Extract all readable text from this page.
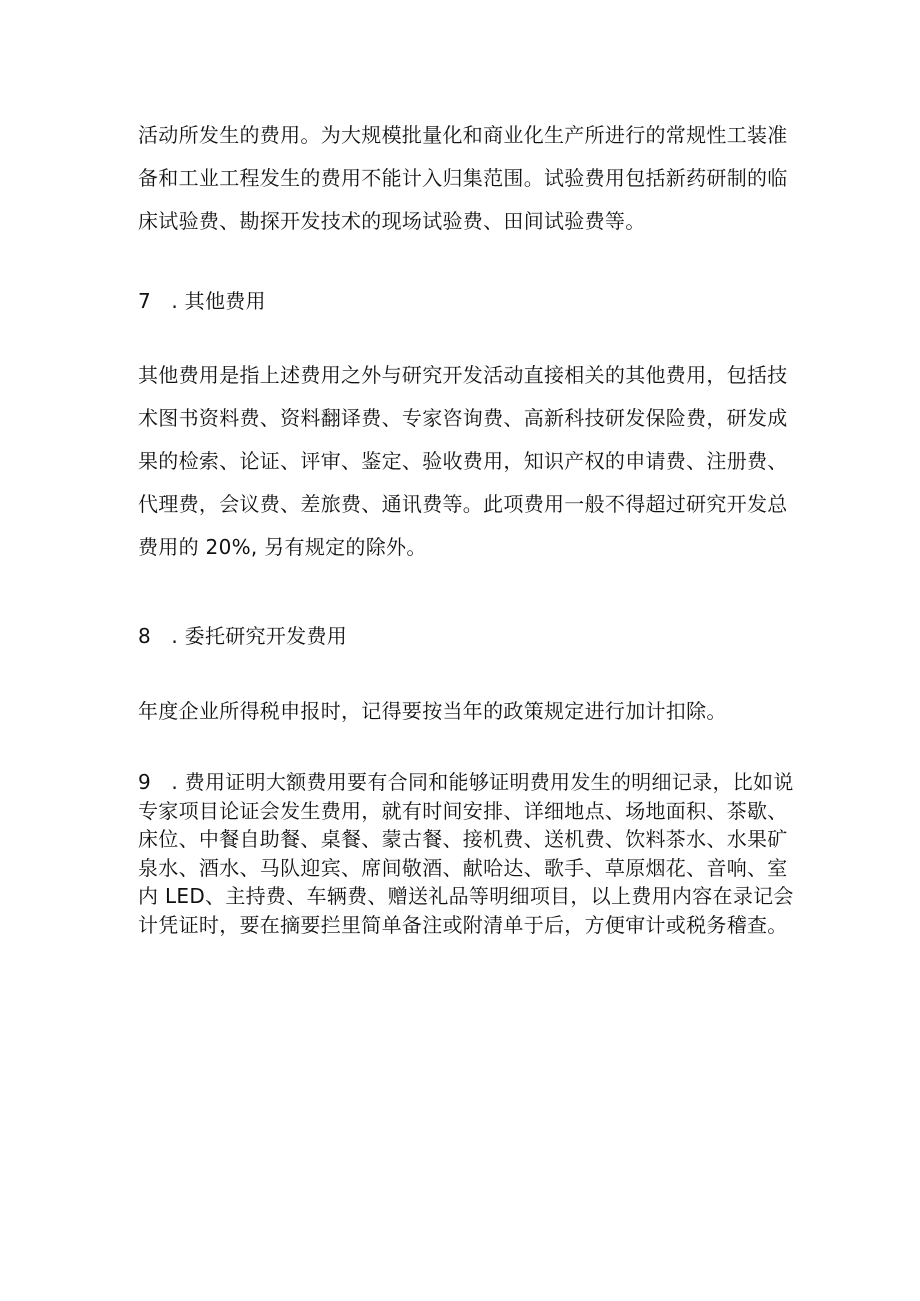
活动所发生的费用。为大规模批量化和商业化生产所进行的常规性工装准
备和工业工程发生的费用不能计入归集范围。试验费用包括新药研制的临
床试验费、勘探开发技术的现场试验费、田间试验费等。

7　. 其他费用

其他费用是指上述费用之外与研究开发活动直接相关的其他费用，包括技
术图书资料费、资料翻译费、专家咨询费、高新科技研发保险费，研发成
果的检索、论证、评审、鉴定、验收费用，知识产权的申请费、注册费、
代理费，会议费、差旅费、通讯费等。此项费用一般不得超过研究开发总
费用的 20%, 另有规定的除外。

8　. 委托研究开发费用

年度企业所得税申报时，记得要按当年的政策规定进行加计扣除。

9　. 费用证明大额费用要有合同和能够证明费用发生的明细记录，比如说
专家项目论证会发生费用，就有时间安排、详细地点、场地面积、茶歇、
床位、中餐自助餐、桌餐、蒙古餐、接机费、送机费、饮料茶水、水果矿
泉水、酒水、马队迎宾、席间敬酒、献哈达、歌手、草原烟花、音响、室
内 LED、主持费、车辆费、赠送礼品等明细项目，以上费用内容在录记会
计凭证时，要在摘要拦里简单备注或附清单于后，方便审计或税务稽查。
